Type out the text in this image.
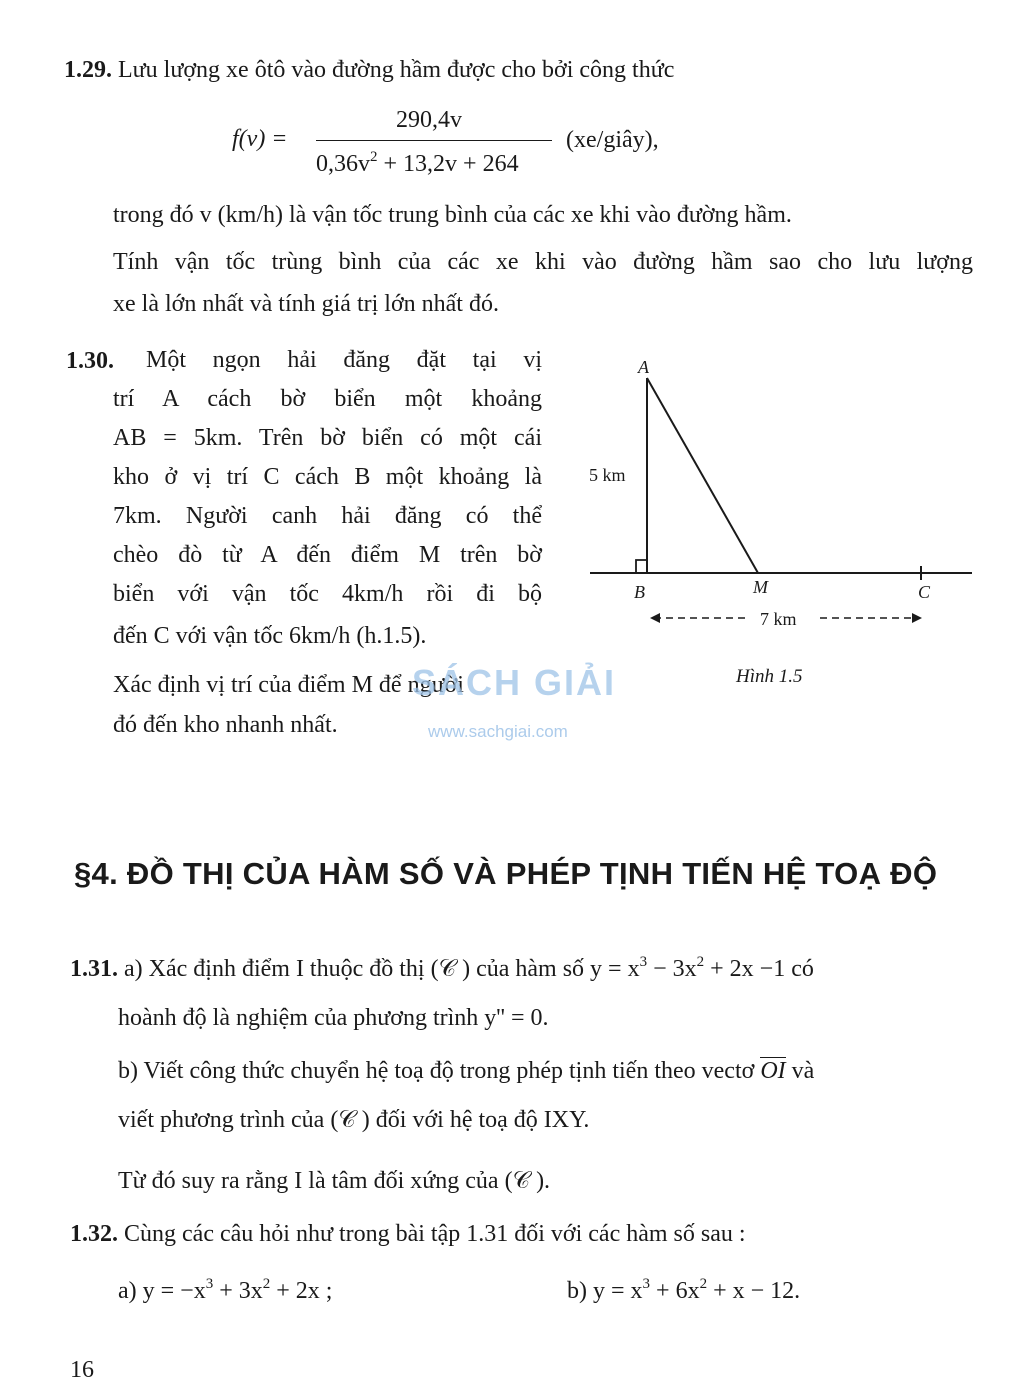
1.29. Lưu lượng xe ôtô vào đường hầm được cho bởi công thức
f(v) =
290,4v
$0,36v^2 + 13,2v + 264$
(xe/giây),
trong đó v (km/h) là vận tốc trung bình của các xe khi vào đường hầm.
Tính vận tốc trùng bình của các xe khi vào đường hầm sao cho lưu lượng
xe là lớn nhất và tính giá trị lớn nhất đó.
1.30. Một ngọn hải đăng đặt tại vị
trí A cách bờ biển một khoảng
AB = 5km. Trên bờ biển có một cái
kho ở vị trí C cách B một khoảng là
7km. Người canh hải đăng có thể
chèo đò từ A đến điểm M trên bờ
biển với vận tốc 4km/h rồi đi bộ
đến C với vận tốc 6km/h (h.1.5).
Xác định vị trí của điểm M để người
đó đến kho nhanh nhất.
SÁCH GIẢI
www.sachgiai.com
A
5 km
B	M	C
7 km
Hình 1.5
§4. ĐỒ THỊ CỦA HÀM SỐ VÀ PHÉP TỊNH TIẾN HỆ TOẠ ĐỘ
1.31. a) Xác định điểm I thuộc đồ thị (𝒞 ) của hàm số $y = x^3 - 3x^2 + 2x -1$ có
hoành độ là nghiệm của phương trình y'' = 0.
b) Viết công thức chuyển hệ toạ độ trong phép tịnh tiến theo vectơ OI và
viết phương trình của (𝒞 ) đối với hệ toạ độ IXY.
Từ đó suy ra rằng I là tâm đối xứng của (𝒞 ).
1.32. Cùng các câu hỏi như trong bài tập 1.31 đối với các hàm số sau :
a) $y = -x^3 + 3x^2 + 2x$ ;	b) $y = x^3 + 6x^2 + x - 12$.
16
